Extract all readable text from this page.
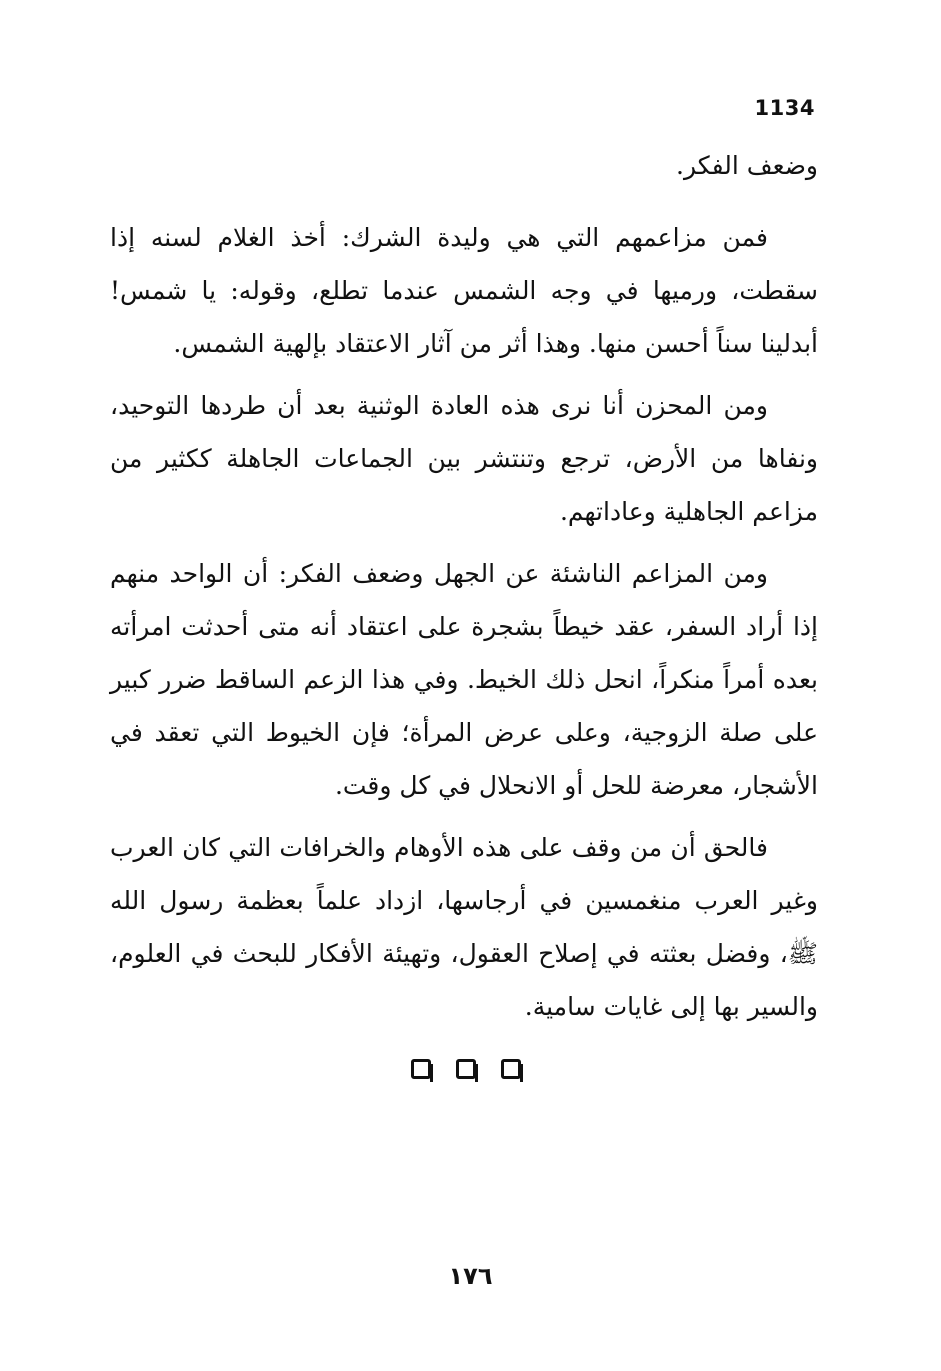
1134

وضعف الفكر.

فمن مزاعمهم التي هي وليدة الشرك: أخذ الغلام لسنه إذا سقطت، ورميها في وجه الشمس عندما تطلع، وقوله: يا شمس! أبدلينا سناً أحسن منها. وهذا أثر من آثار الاعتقاد بإلهية الشمس.

ومن المحزن أنا نرى هذه العادة الوثنية بعد أن طردها التوحيد، ونفاها من الأرض، ترجع وتنتشر بين الجماعات الجاهلة ككثير من مزاعم الجاهلية وعاداتهم.

ومن المزاعم الناشئة عن الجهل وضعف الفكر: أن الواحد منهم إذا أراد السفر، عقد خيطاً بشجرة على اعتقاد أنه متى أحدثت امرأته بعده أمراً منكراً، انحل ذلك الخيط. وفي هذا الزعم الساقط ضرر كبير على صلة الزوجية، وعلى عرض المرأة؛ فإن الخيوط التي تعقد في الأشجار، معرضة للحل أو الانحلال في كل وقت.

فالحق أن من وقف على هذه الأوهام والخرافات التي كان العرب وغير العرب منغمسين في أرجاسها، ازداد علماً بعظمة رسول الله ﷺ، وفضل بعثته في إصلاح العقول، وتهيئة الأفكار للبحث في العلوم، والسير بها إلى غايات سامية.

١٧٦
